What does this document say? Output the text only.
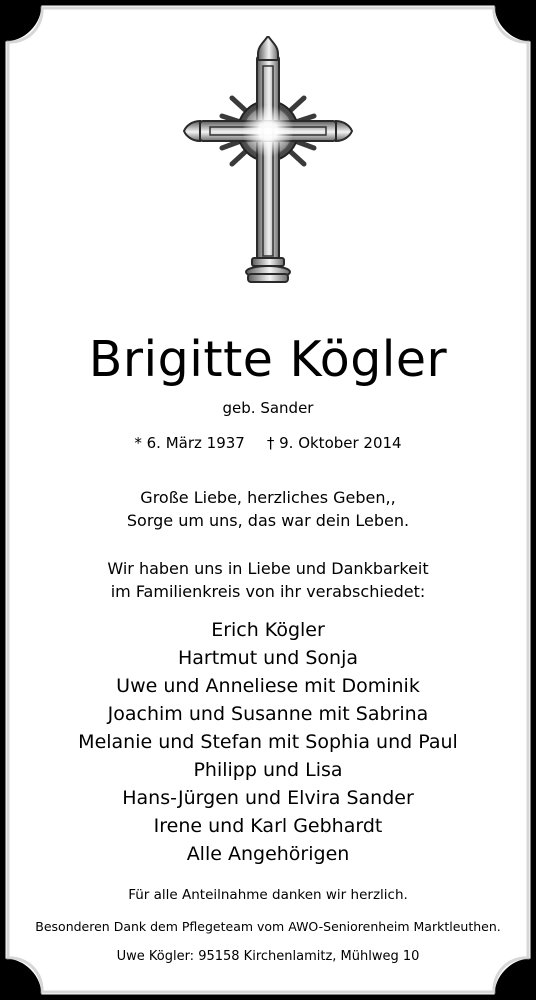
Brigitte Kögler
geb. Sander
* 6. März 1937 † 9. Oktober 2014
Große Liebe, herzliches Geben,,
Sorge um uns, das war dein Leben.
Wir haben uns in Liebe und Dankbarkeit
im Familienkreis von ihr verabschiedet:
Erich Kögler
Hartmut und Sonja
Uwe und Anneliese mit Dominik
Joachim und Susanne mit Sabrina
Melanie und Stefan mit Sophia und Paul
Philipp und Lisa
Hans-Jürgen und Elvira Sander
Irene und Karl Gebhardt
Alle Angehörigen
Für alle Anteilnahme danken wir herzlich.
Besonderen Dank dem Pflegeteam vom AWO-Seniorenheim Marktleuthen.
Uwe Kögler: 95158 Kirchenlamitz, Mühlweg 10
